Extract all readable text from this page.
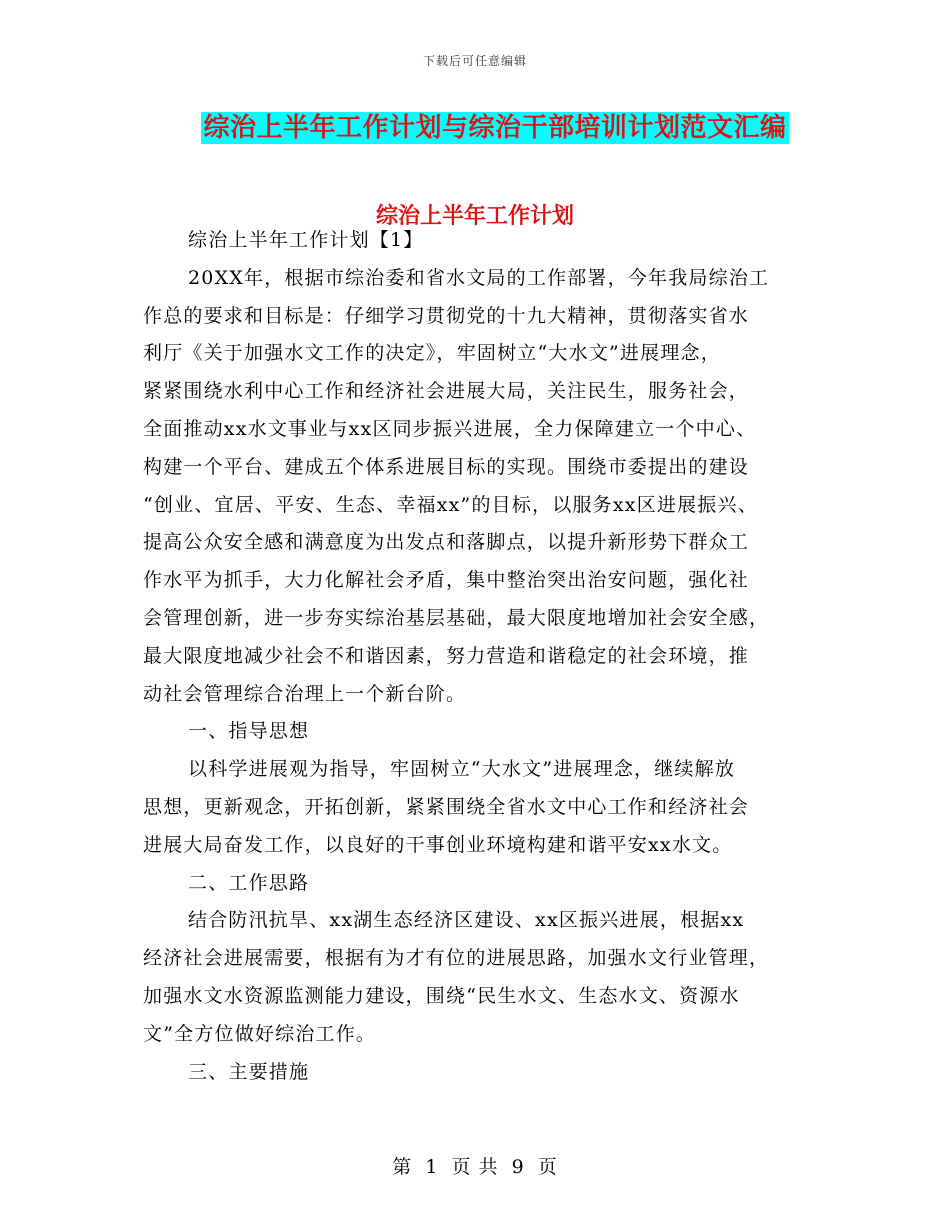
下载后可任意编辑
综治上半年工作计划与综治干部培训计划范文汇编
综治上半年工作计划
综治上半年工作计划【1】
20XX年，根据市综治委和省水文局的工作部署，今年我局综治工
作总的要求和目标是：仔细学习贯彻党的十九大精神，贯彻落实省水
利厅《关于加强水文工作的决定》，牢固树立“大水文”进展理念，
紧紧围绕水利中心工作和经济社会进展大局，关注民生，服务社会，
全面推动xx水文事业与xx区同步振兴进展，全力保障建立一个中心、
构建一个平台、建成五个体系进展目标的实现。围绕市委提出的建设
“创业、宜居、平安、生态、幸福xx”的目标，以服务xx区进展振兴、
提高公众安全感和满意度为出发点和落脚点，以提升新形势下群众工
作水平为抓手，大力化解社会矛盾，集中整治突出治安问题，强化社
会管理创新，进一步夯实综治基层基础，最大限度地增加社会安全感，
最大限度地减少社会不和谐因素，努力营造和谐稳定的社会环境，推
动社会管理综合治理上一个新台阶。
一、指导思想
以科学进展观为指导，牢固树立“大水文”进展理念，继续解放
思想，更新观念，开拓创新，紧紧围绕全省水文中心工作和经济社会
进展大局奋发工作，以良好的干事创业环境构建和谐平安xx水文。
二、工作思路
结合防汛抗旱、xx湖生态经济区建设、xx区振兴进展，根据xx
经济社会进展需要，根据有为才有位的进展思路，加强水文行业管理，
加强水文水资源监测能力建设，围绕“民生水文、生态水文、资源水
文”全方位做好综治工作。
三、主要措施
第 1 页 共 9 页
